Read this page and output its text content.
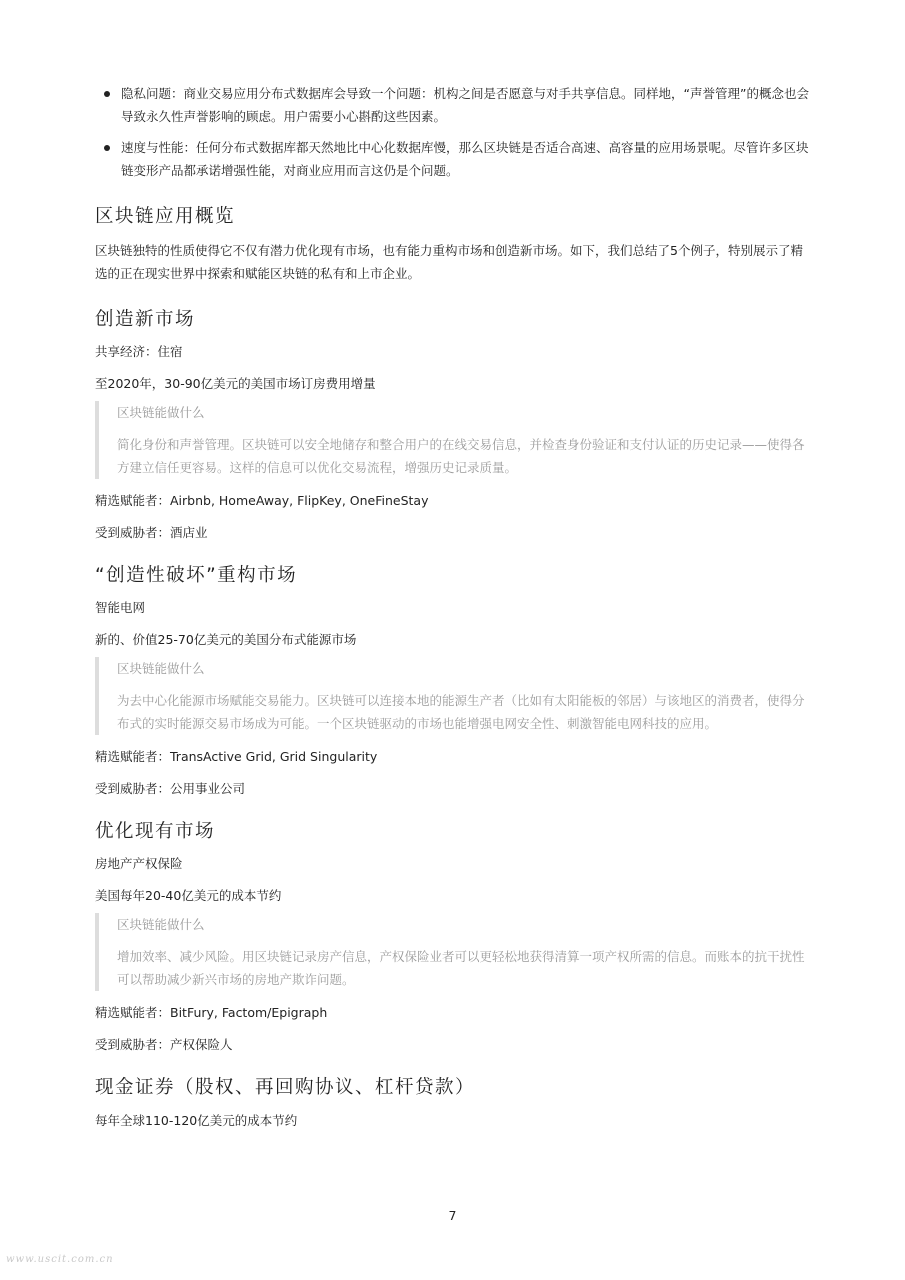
隐私问题：商业交易应用分布式数据库会导致一个问题：机构之间是否愿意与对手共享信息。同样地，“声誉管理”的概念也会导致永久性声誉影响的顾虑。用户需要小心斟酌这些因素。
速度与性能：任何分布式数据库都天然地比中心化数据库慢，那么区块链是否适合高速、高容量的应用场景呢。尽管许多区块链变形产品都承诺增强性能，对商业应用而言这仍是个问题。
区块链应用概览

区块链独特的性质使得它不仅有潜力优化现有市场，也有能力重构市场和创造新市场。如下，我们总结了5个例子，特别展示了精选的正在现实世界中探索和赋能区块链的私有和上市企业。

创造新市场

共享经济：住宿

至2020年，30-90亿美元的美国市场订房费用增量

区块链能做什么
简化身份和声誉管理。区块链可以安全地储存和整合用户的在线交易信息，并检查身份验证和支付认证的历史记录——使得各方建立信任更容易。这样的信息可以优化交易流程，增强历史记录质量。

精选赋能者：Airbnb, HomeAway, FlipKey, OneFineStay

受到威胁者：酒店业

“创造性破坏”重构市场

智能电网

新的、价值25-70亿美元的美国分布式能源市场

区块链能做什么
为去中心化能源市场赋能交易能力。区块链可以连接本地的能源生产者（比如有太阳能板的邻居）与该地区的消费者，使得分布式的实时能源交易市场成为可能。一个区块链驱动的市场也能增强电网安全性、刺激智能电网科技的应用。

精选赋能者：TransActive Grid, Grid Singularity

受到威胁者：公用事业公司

优化现有市场

房地产产权保险

美国每年20-40亿美元的成本节约

区块链能做什么
增加效率、减少风险。用区块链记录房产信息，产权保险业者可以更轻松地获得清算一项产权所需的信息。而账本的抗干扰性可以帮助减少新兴市场的房地产欺诈问题。

精选赋能者：BitFury, Factom/Epigraph

受到威胁者：产权保险人

现金证券（股权、再回购协议、杠杆贷款）

每年全球110-120亿美元的成本节约

7
www.uscit.com.cn
